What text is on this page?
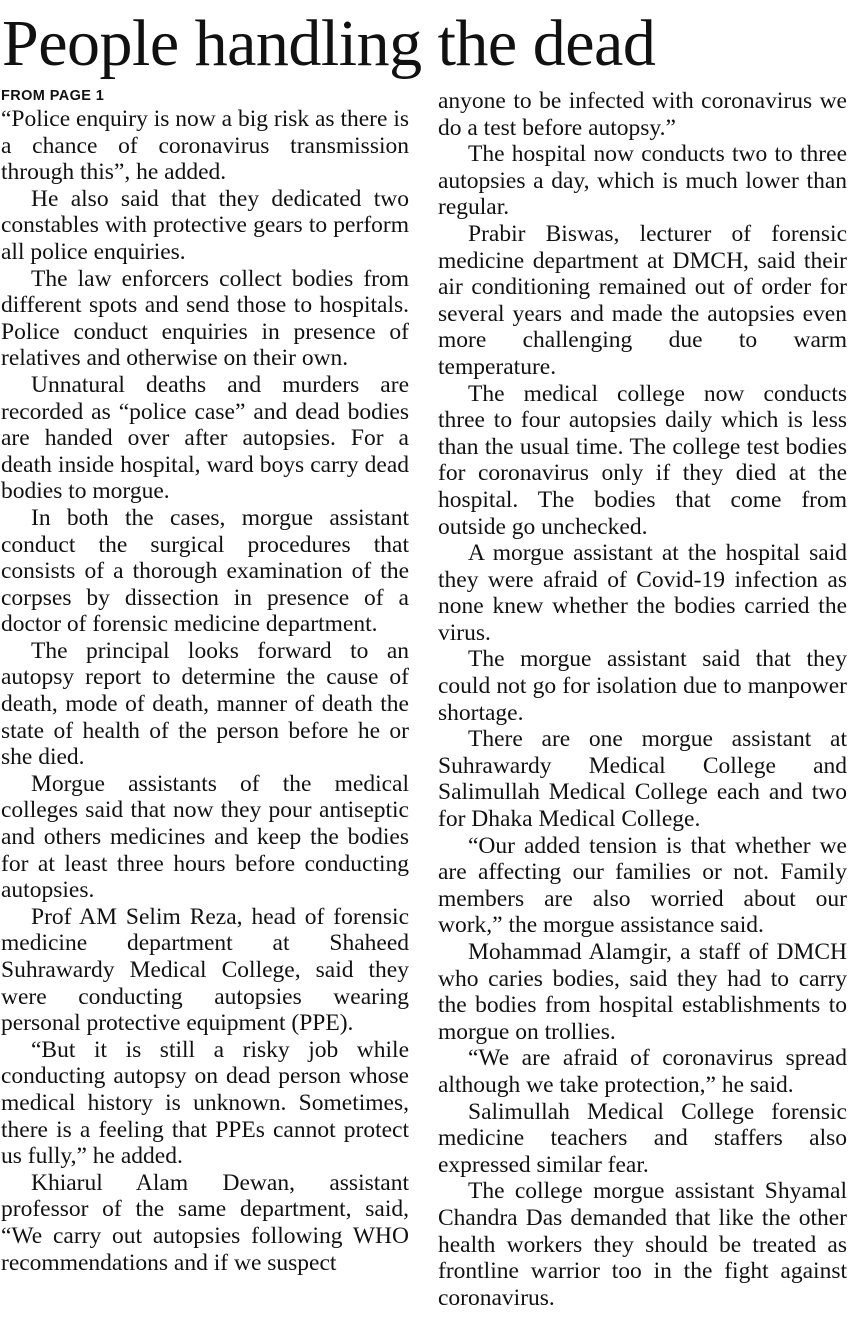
People handling the dead
FROM PAGE 1

“Police enquiry is now a big risk as there is a chance of coronavirus transmission through this”, he added.

He also said that they dedicated two constables with protective gears to perform all police enquiries.

The law enforcers collect bodies from different spots and send those to hospitals. Police conduct enquiries in presence of relatives and otherwise on their own.

Unnatural deaths and murders are recorded as “police case” and dead bodies are handed over after autopsies. For a death inside hospital, ward boys carry dead bodies to morgue.

In both the cases, morgue assistant conduct the surgical procedures that consists of a thorough examination of the corpses by dissection in presence of a doctor of forensic medicine department.

The principal looks forward to an autopsy report to determine the cause of death, mode of death, manner of death the state of health of the person before he or she died.

Morgue assistants of the medical colleges said that now they pour antiseptic and others medicines and keep the bodies for at least three hours before conducting autopsies.

Prof AM Selim Reza, head of forensic medicine department at Shaheed Suhrawardy Medical College, said they were conducting autopsies wearing personal protective equipment (PPE).

“But it is still a risky job while conducting autopsy on dead person whose medical history is unknown. Sometimes, there is a feeling that PPEs cannot protect us fully,” he added.

Khiarul Alam Dewan, assistant professor of the same department, said, “We carry out autopsies following WHO recommendations and if we suspect

anyone to be infected with coronavirus we do a test before autopsy.”

The hospital now conducts two to three autopsies a day, which is much lower than regular.

Prabir Biswas, lecturer of forensic medicine department at DMCH, said their air conditioning remained out of order for several years and made the autopsies even more challenging due to warm temperature.

The medical college now conducts three to four autopsies daily which is less than the usual time. The college test bodies for coronavirus only if they died at the hospital. The bodies that come from outside go unchecked.

A morgue assistant at the hospital said they were afraid of Covid-19 infection as none knew whether the bodies carried the virus.

The morgue assistant said that they could not go for isolation due to manpower shortage.

There are one morgue assistant at Suhrawardy Medical College and Salimullah Medical College each and two for Dhaka Medical College.

“Our added tension is that whether we are affecting our families or not. Family members are also worried about our work,” the morgue assistance said.

Mohammad Alamgir, a staff of DMCH who caries bodies, said they had to carry the bodies from hospital establishments to morgue on trollies.

“We are afraid of coronavirus spread although we take protection,” he said.

Salimullah Medical College forensic medicine teachers and staffers also expressed similar fear.

The college morgue assistant Shyamal Chandra Das demanded that like the other health workers they should be treated as frontline warrior too in the fight against coronavirus.
